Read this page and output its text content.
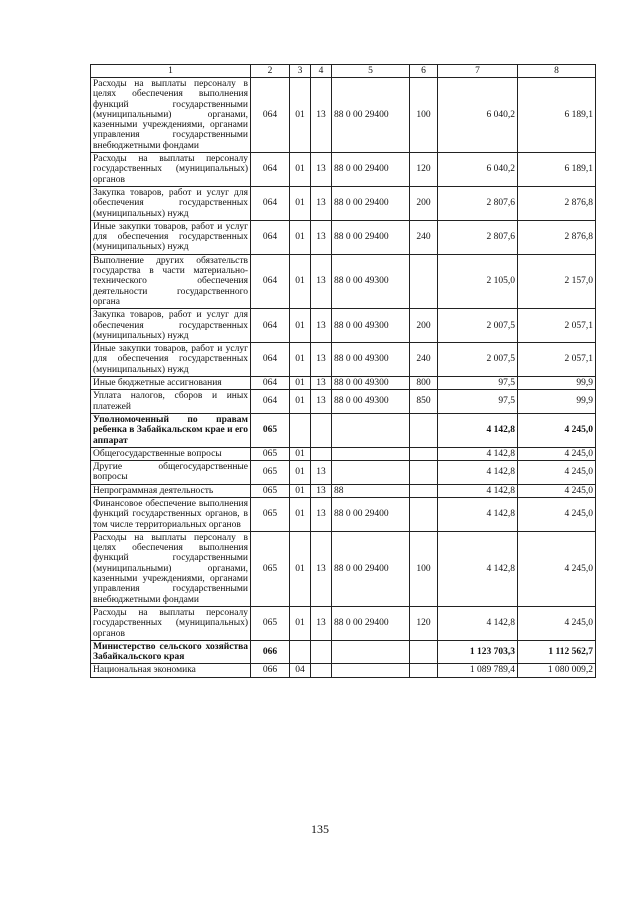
1	2	3	4	5	6	7	8
Расходы на выплаты персоналу в целях обеспечения выполнения функций государственными (муниципальными) органами, казенными учреждениями, органами управления государственными внебюджетными фондами	064	01	13	88 0 00 29400	100	6 040,2	6 189,1
Расходы на выплаты персоналу государственных (муниципальных) органов	064	01	13	88 0 00 29400	120	6 040,2	6 189,1
Закупка товаров, работ и услуг для обеспечения государственных (муниципальных) нужд	064	01	13	88 0 00 29400	200	2 807,6	2 876,8
Иные закупки товаров, работ и услуг для обеспечения государственных (муниципальных) нужд	064	01	13	88 0 00 29400	240	2 807,6	2 876,8
Выполнение других обязательств государства в части материально-технического обеспечения деятельности государственного органа	064	01	13	88 0 00 49300		2 105,0	2 157,0
Закупка товаров, работ и услуг для обеспечения государственных (муниципальных) нужд	064	01	13	88 0 00 49300	200	2 007,5	2 057,1
Иные закупки товаров, работ и услуг для обеспечения государственных (муниципальных) нужд	064	01	13	88 0 00 49300	240	2 007,5	2 057,1
Иные бюджетные ассигнования	064	01	13	88 0 00 49300	800	97,5	99,9
Уплата налогов, сборов и иных платежей	064	01	13	88 0 00 49300	850	97,5	99,9
Уполномоченный по правам ребенка в Забайкальском крае и его аппарат	065					4 142,8	4 245,0
Общегосударственные вопросы	065	01				4 142,8	4 245,0
Другие общегосударственные вопросы	065	01	13			4 142,8	4 245,0
Непрограммная деятельность	065	01	13	88		4 142,8	4 245,0
Финансовое обеспечение выполнения функций государственных органов, в том числе территориальных органов	065	01	13	88 0 00 29400		4 142,8	4 245,0
Расходы на выплаты персоналу в целях обеспечения выполнения функций государственными (муниципальными) органами, казенными учреждениями, органами управления государственными внебюджетными фондами	065	01	13	88 0 00 29400	100	4 142,8	4 245,0
Расходы на выплаты персоналу государственных (муниципальных) органов	065	01	13	88 0 00 29400	120	4 142,8	4 245,0
Министерство сельского хозяйства Забайкальского края	066					1 123 703,3	1 112 562,7
Национальная экономика	066	04				1 089 789,4	1 080 009,2
135
